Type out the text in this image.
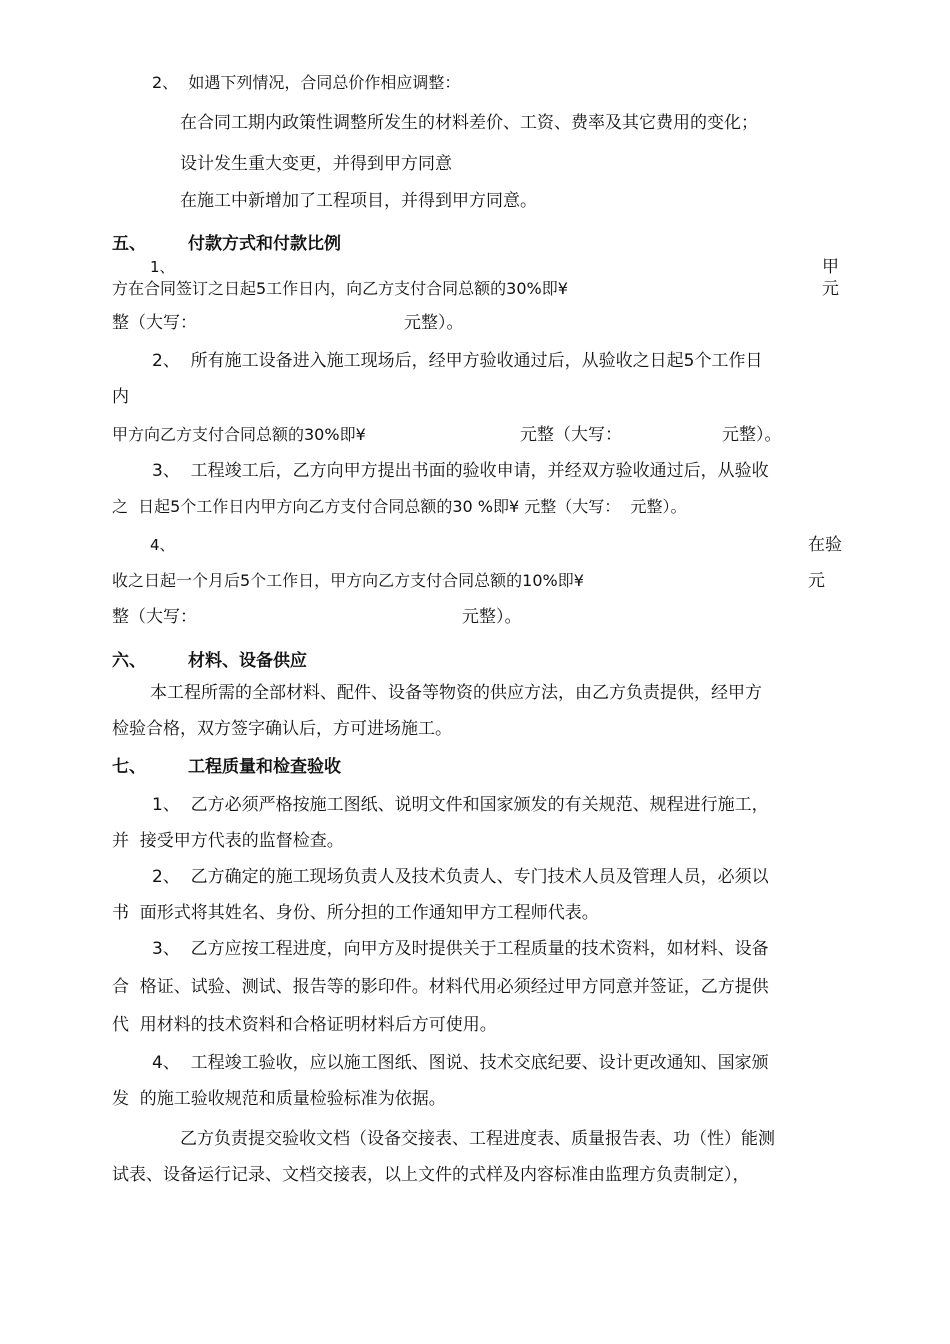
2、  如遇下列情况，合同总价作相应调整：
在合同工期内政策性调整所发生的材料差价、工资、费率及其它费用的变化；
设计发生重大变更，并得到甲方同意
在施工中新增加了工程项目，并得到甲方同意。
五、 付款方式和付款比例
1、	甲
方在合同签订之日起5工作日内，向乙方支付合同总额的30%即¥	元
整（大写：	元整）。
2、  所有施工设备进入施工现场后，经甲方验收通过后，从验收之日起5个工作日
内
甲方向乙方支付合同总额的30%即¥	元整（大写：	元整）。
3、  工程竣工后，乙方向甲方提出书面的验收申请，并经双方验收通过后，从验收
之  日起5个工作日内甲方向乙方支付合同总额的30 %即¥ 元整（大写：  元整）。
4、	在验
收之日起一个月后5个工作日，甲方向乙方支付合同总额的10%即¥	元
整（大写：	元整）。
六、 材料、设备供应
本工程所需的全部材料、配件、设备等物资的供应方法，由乙方负责提供，经甲方
检验合格，双方签字确认后，方可进场施工。
七、 工程质量和检查验收
1、  乙方必须严格按施工图纸、说明文件和国家颁发的有关规范、规程进行施工，
并  接受甲方代表的监督检查。
2、  乙方确定的施工现场负责人及技术负责人、专门技术人员及管理人员，必须以
书  面形式将其姓名、身份、所分担的工作通知甲方工程师代表。
3、  乙方应按工程进度，向甲方及时提供关于工程质量的技术资料，如材料、设备
合  格证、试验、测试、报告等的影印件。材料代用必须经过甲方同意并签证，乙方提供
代  用材料的技术资料和合格证明材料后方可使用。
4、  工程竣工验收，应以施工图纸、图说、技术交底纪要、设计更改通知、国家颁
发  的施工验收规范和质量检验标准为依据。
乙方负责提交验收文档（设备交接表、工程进度表、质量报告表、功（性）能测
试表、设备运行记录、文档交接表，以上文件的式样及内容标准由监理方负责制定），
